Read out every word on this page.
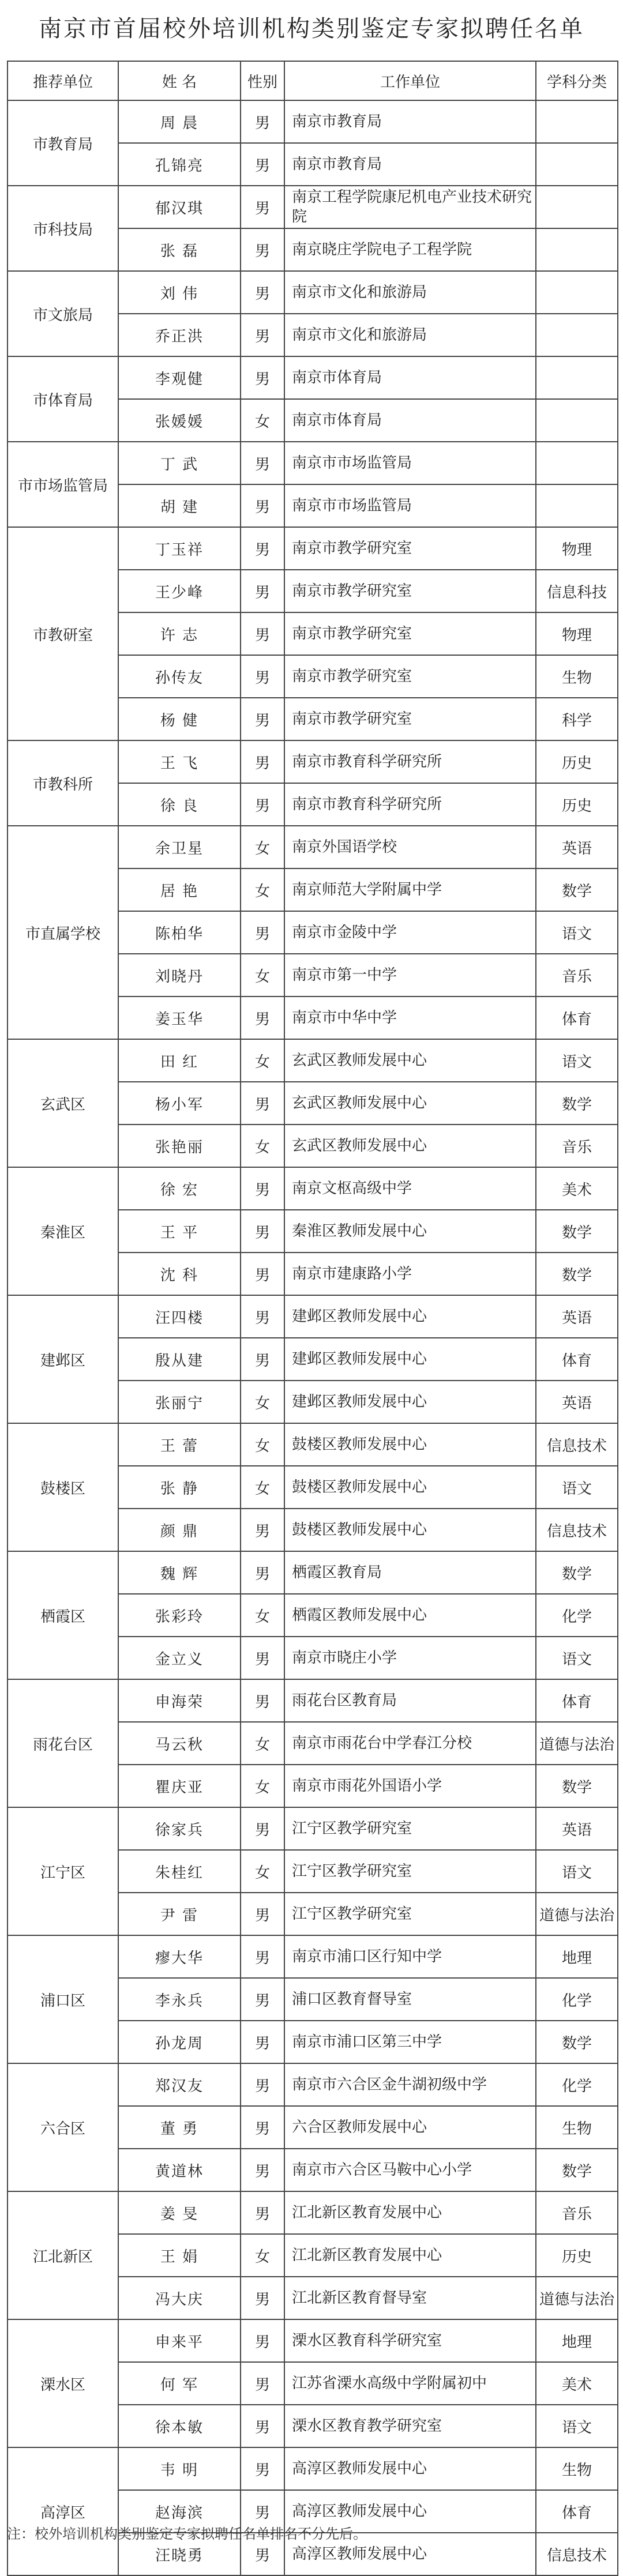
南京市首届校外培训机构类别鉴定专家拟聘任名单
推荐单位	姓 名	性别	工作单位	学科分类
市教育局	周 晨	男	南京市教育局	
	孔锦亮	男	南京市教育局	
市科技局	郁汉琪	男	南京工程学院康尼机电产业技术研究院	
	张 磊	男	南京晓庄学院电子工程学院	
市文旅局	刘 伟	男	南京市文化和旅游局	
	乔正洪	男	南京市文化和旅游局	
市体育局	李观健	男	南京市体育局	
	张媛媛	女	南京市体育局	
市市场监管局	丁 武	男	南京市市场监管局	
	胡 建	男	南京市市场监管局	
市教研室	丁玉祥	男	南京市教学研究室	物理
	王少峰	男	南京市教学研究室	信息科技
	许 志	男	南京市教学研究室	物理
	孙传友	男	南京市教学研究室	生物
	杨 健	男	南京市教学研究室	科学
市教科所	王 飞	男	南京市教育科学研究所	历史
	徐 良	男	南京市教育科学研究所	历史
市直属学校	余卫星	女	南京外国语学校	英语
	居 艳	女	南京师范大学附属中学	数学
	陈柏华	男	南京市金陵中学	语文
	刘晓丹	女	南京市第一中学	音乐
	姜玉华	男	南京市中华中学	体育
玄武区	田 红	女	玄武区教师发展中心	语文
	杨小军	男	玄武区教师发展中心	数学
	张艳丽	女	玄武区教师发展中心	音乐
秦淮区	徐 宏	男	南京文枢高级中学	美术
	王 平	男	秦淮区教师发展中心	数学
	沈 科	男	南京市建康路小学	数学
建邺区	汪四楼	男	建邺区教师发展中心	英语
	殷从建	男	建邺区教师发展中心	体育
	张丽宁	女	建邺区教师发展中心	英语
鼓楼区	王 蕾	女	鼓楼区教师发展中心	信息技术
	张 静	女	鼓楼区教师发展中心	语文
	颜 鼎	男	鼓楼区教师发展中心	信息技术
栖霞区	魏 辉	男	栖霞区教育局	数学
	张彩玲	女	栖霞区教师发展中心	化学
	金立义	男	南京市晓庄小学	语文
雨花台区	申海荣	男	雨花台区教育局	体育
	马云秋	女	南京市雨花台中学春江分校	道德与法治
	瞿庆亚	女	南京市雨花外国语小学	数学
江宁区	徐家兵	男	江宁区教学研究室	英语
	朱桂红	女	江宁区教学研究室	语文
	尹 雷	男	江宁区教学研究室	道德与法治
浦口区	瘳大华	男	南京市浦口区行知中学	地理
	李永兵	男	浦口区教育督导室	化学
	孙龙周	男	南京市浦口区第三中学	数学
六合区	郑汉友	男	南京市六合区金牛湖初级中学	化学
	董 勇	男	六合区教师发展中心	生物
	黄道林	男	南京市六合区马鞍中心小学	数学
江北新区	姜 旻	男	江北新区教育发展中心	音乐
	王 娟	女	江北新区教育发展中心	历史
	冯大庆	男	江北新区教育督导室	道德与法治
溧水区	申来平	男	溧水区教育科学研究室	地理
	何 军	男	江苏省溧水高级中学附属初中	美术
	徐本敏	男	溧水区教育教学研究室	语文
高淳区	韦 明	男	高淳区教师发展中心	生物
	赵海滨	男	高淳区教师发展中心	体育
	汪晓勇	男	高淳区教师发展中心	信息技术
注：校外培训机构类别鉴定专家拟聘任名单排名不分先后。
